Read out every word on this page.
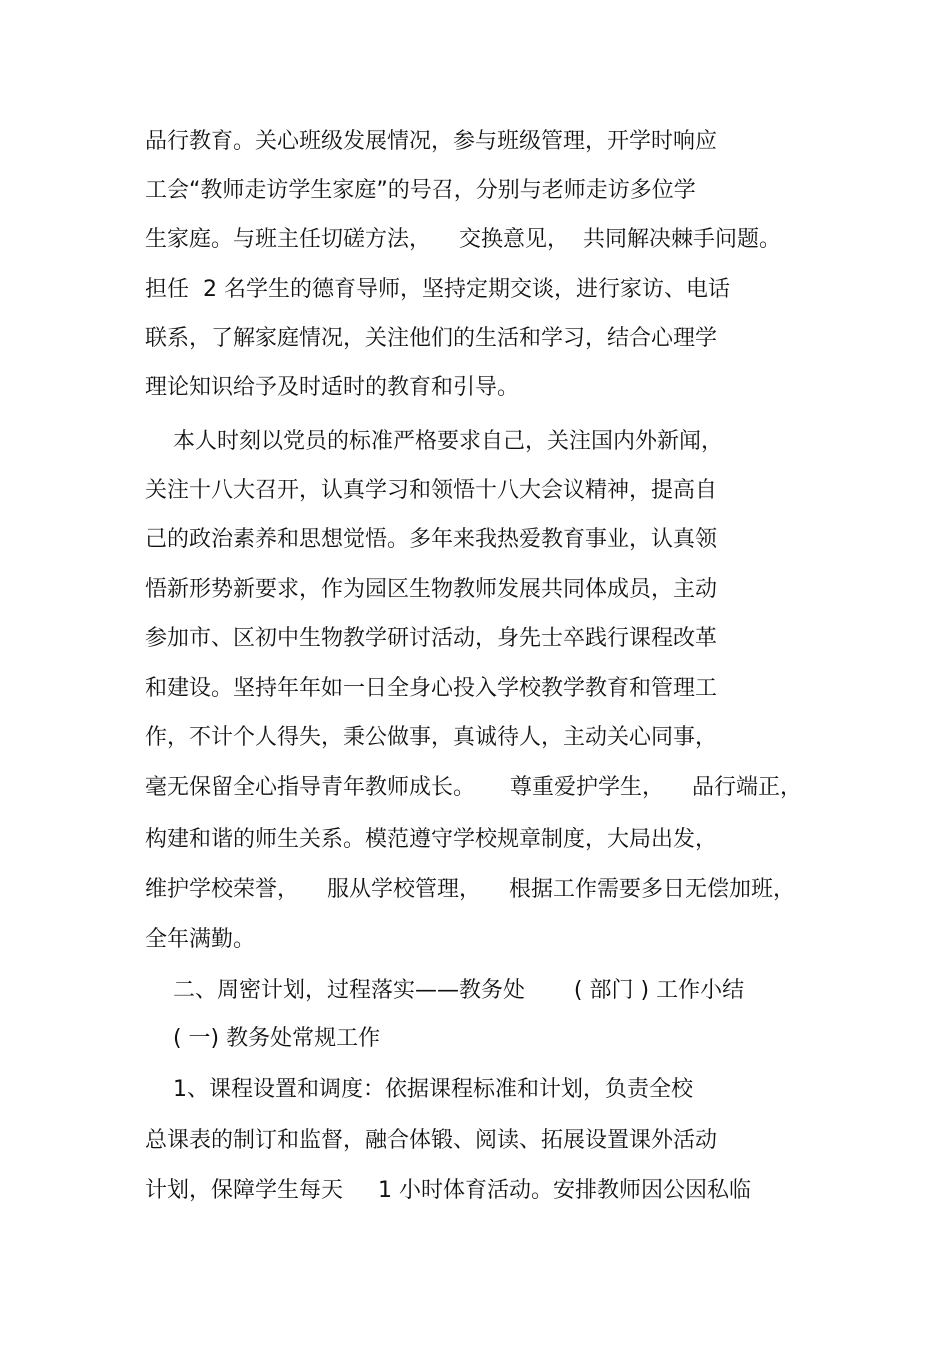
品行教育。关心班级发展情况，参与班级管理，开学时响应
工会“教师走访学生家庭”的号召，分别与老师走访多位学
生家庭。与班主任切磋方法，    交换意见，  共同解决棘手问题。
担任  2 名学生的德育导师，坚持定期交谈，进行家访、电话
联系，了解家庭情况，关注他们的生活和学习，结合心理学
理论知识给予及时适时的教育和引导。
本人时刻以党员的标准严格要求自己，关注国内外新闻，
关注十八大召开，认真学习和领悟十八大会议精神，提高自
己的政治素养和思想觉悟。多年来我热爱教育事业，认真领
悟新形势新要求，作为园区生物教师发展共同体成员，主动
参加市、区初中生物教学研讨活动，身先士卒践行课程改革
和建设。坚持年年如一日全身心投入学校教学教育和管理工
作，不计个人得失，秉公做事，真诚待人，主动关心同事，
毫无保留全心指导青年教师成长。     尊重爱护学生，    品行端正，
构建和谐的师生关系。模范遵守学校规章制度，大局出发，
维护学校荣誉，    服从学校管理，    根据工作需要多日无偿加班，
全年满勤。
二、周密计划，过程落实——教务处       ( 部门 ) 工作小结
( 一) 教务处常规工作
1、课程设置和调度：依据课程标准和计划，负责全校
总课表的制订和监督，融合体锻、阅读、拓展设置课外活动
计划，保障学生每天     1 小时体育活动。安排教师因公因私临
